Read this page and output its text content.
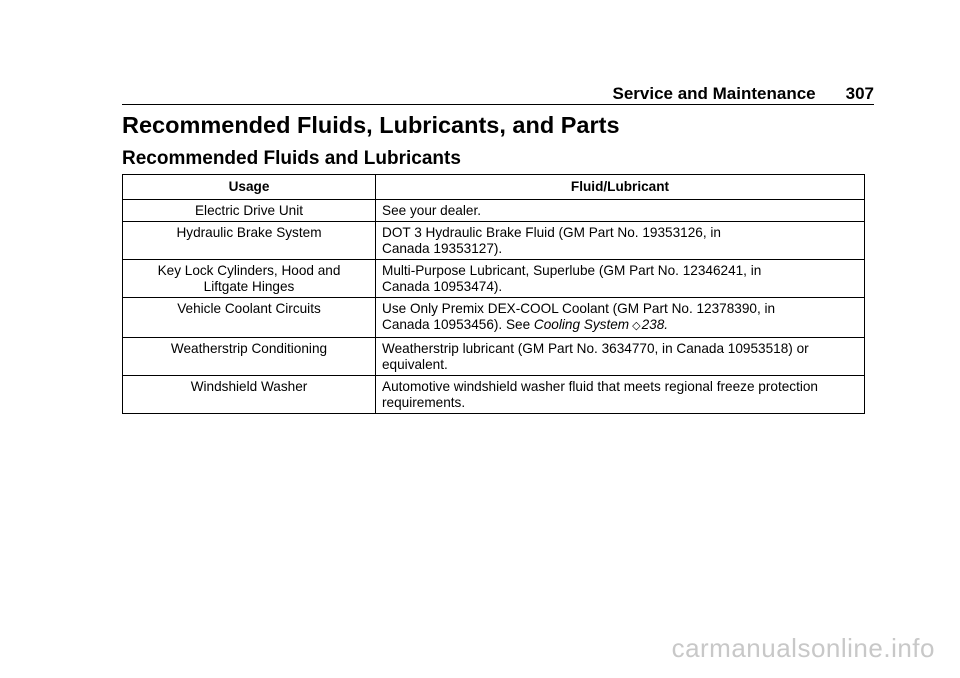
Service and Maintenance 307
Recommended Fluids, Lubricants, and Parts
Recommended Fluids and Lubricants
Usage	Fluid/Lubricant
Electric Drive Unit	See your dealer.
Hydraulic Brake System	DOT 3 Hydraulic Brake Fluid (GM Part No. 19353126, in
Canada 19353127).
Key Lock Cylinders, Hood and
Liftgate Hinges	Multi-Purpose Lubricant, Superlube (GM Part No. 12346241, in
Canada 10953474).
Vehicle Coolant Circuits	Use Only Premix DEX-COOL Coolant (GM Part No. 12378390, in
Canada 10953456). See Cooling System ◇238.
Weatherstrip Conditioning	Weatherstrip lubricant (GM Part No. 3634770, in Canada 10953518) or
equivalent.
Windshield Washer	Automotive windshield washer fluid that meets regional freeze protection
requirements.
carmanualsonline.info
